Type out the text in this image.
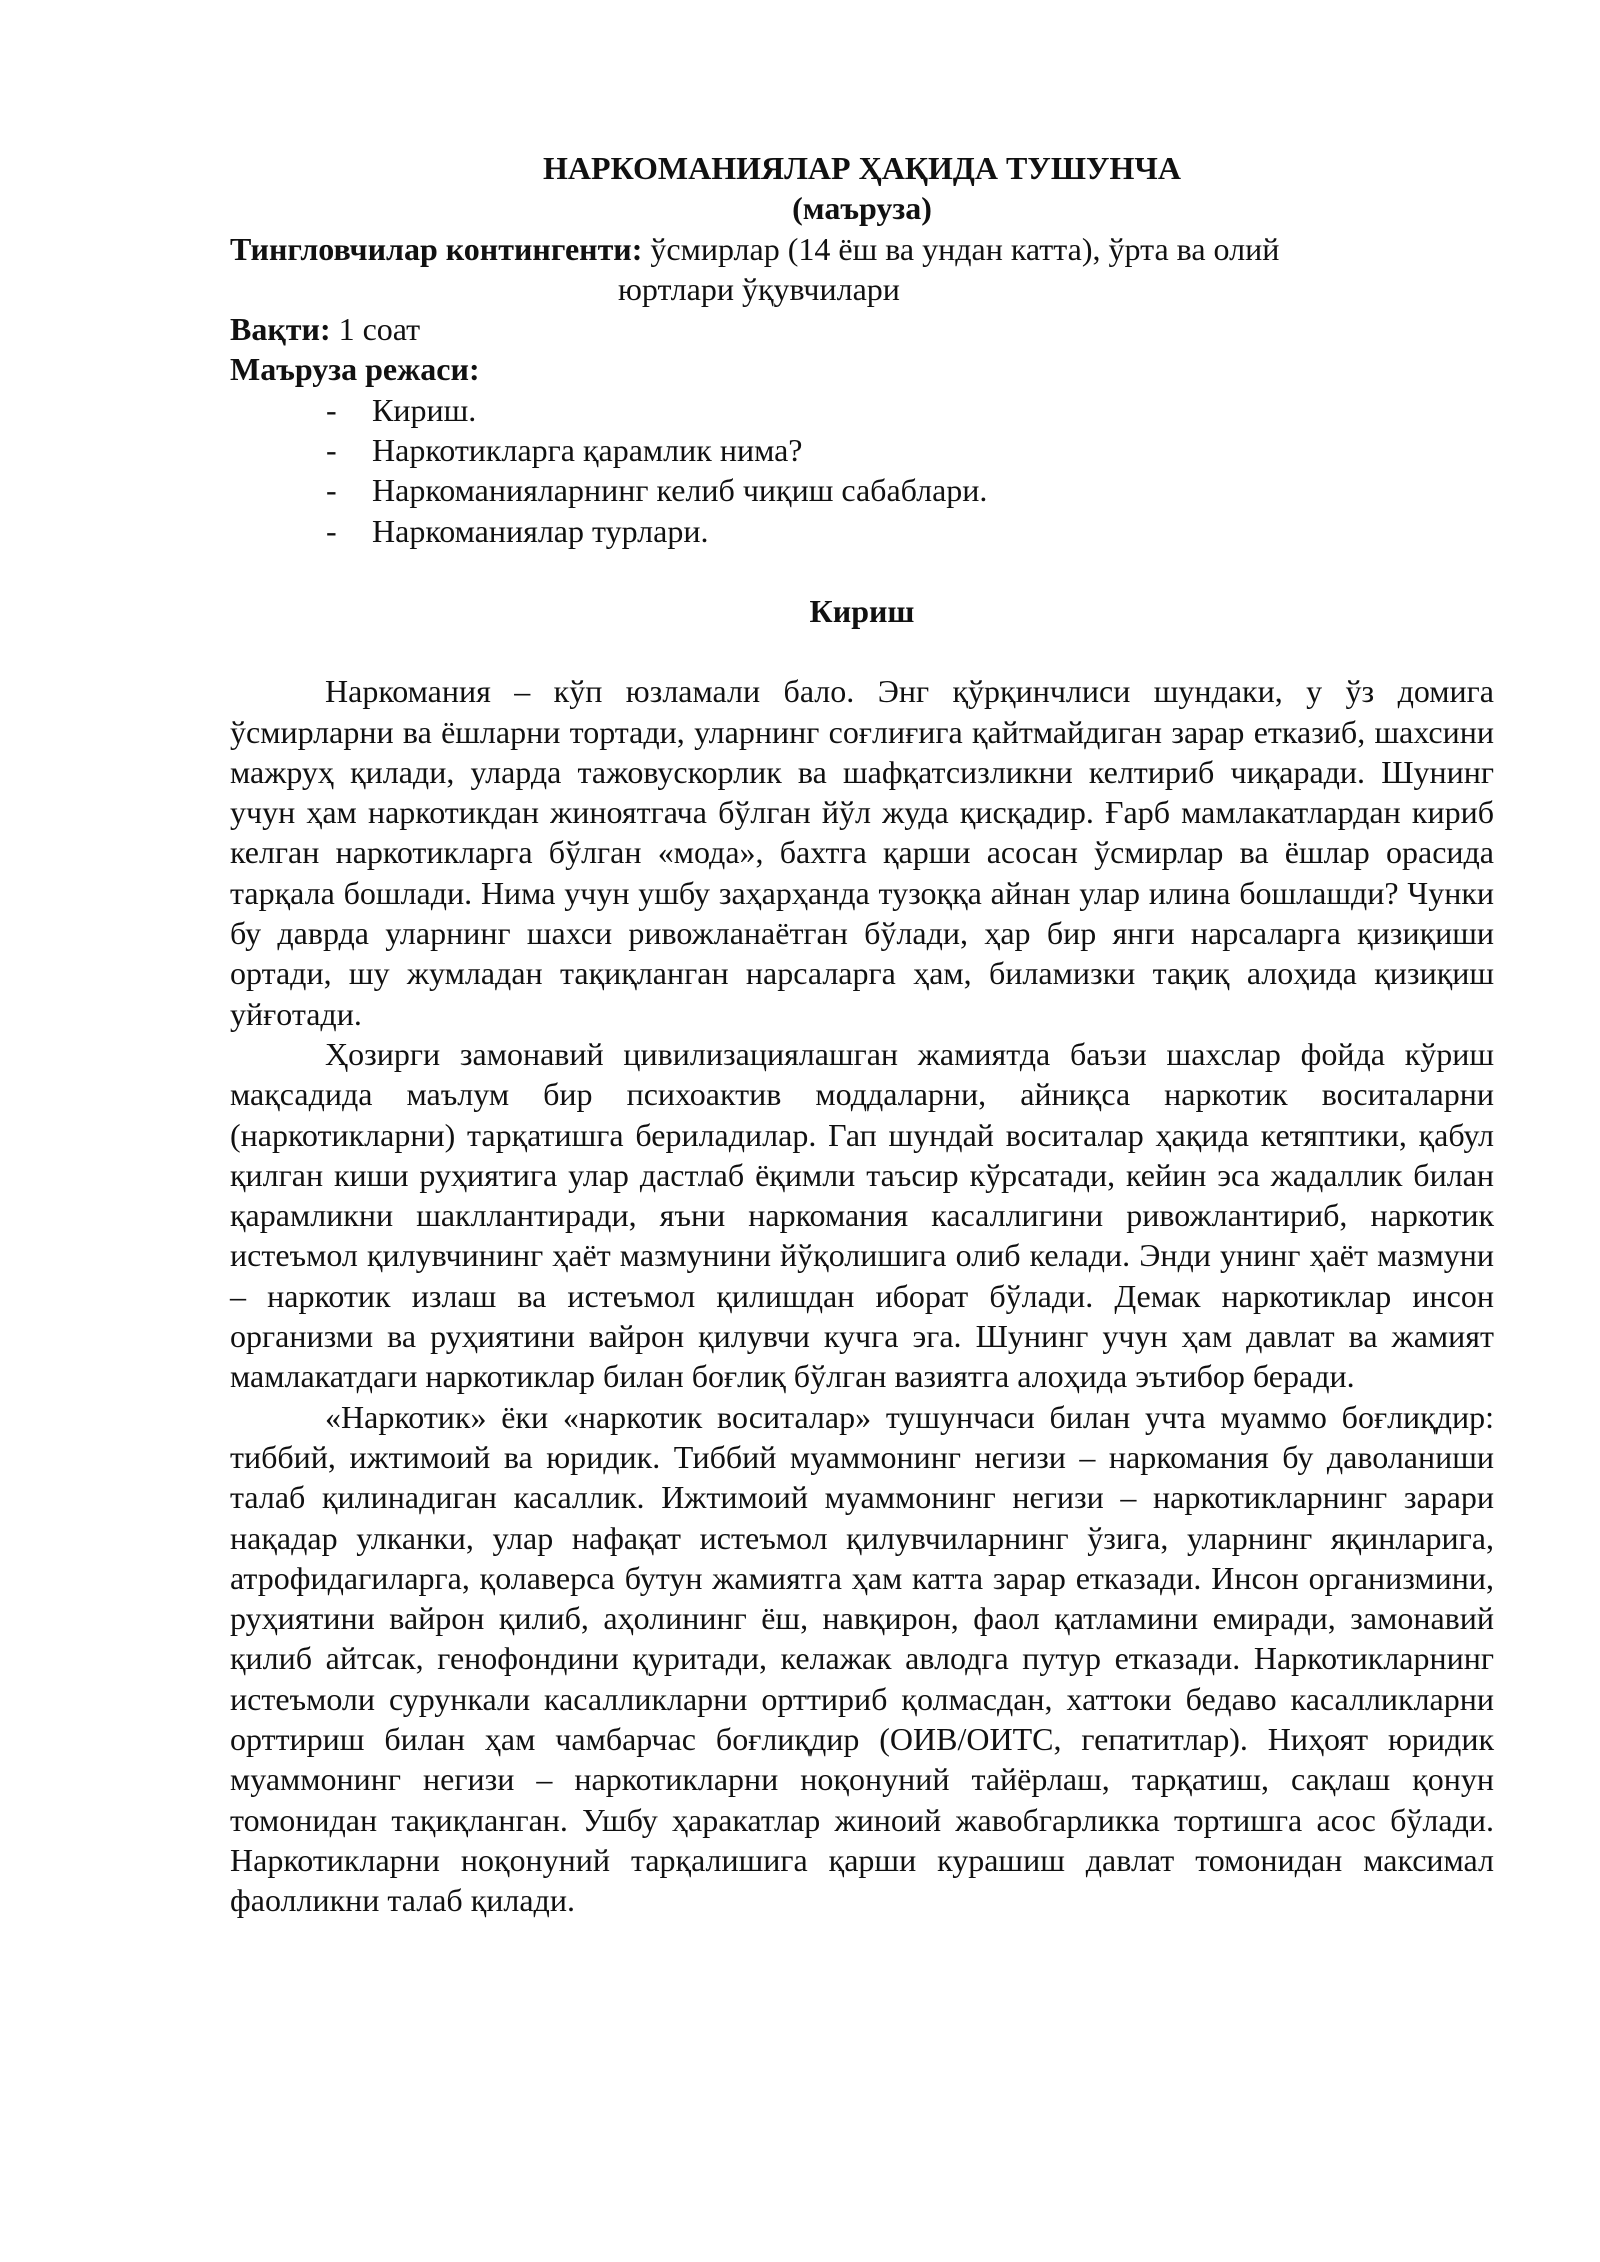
НАРКОМАНИЯЛАР ҲАҚИДА ТУШУНЧА
(маъруза)
Тингловчилар контингенти: ўсмирлар (14 ёш ва ундан катта), ўрта ва олий
юртлари ўқувчилари
Вақти: 1 соат
Маъруза режаси:
- Кириш.
- Наркотикларга қарамлик нима?
- Наркоманияларнинг келиб чиқиш сабаблари.
- Наркоманиялар турлари.
Кириш

Наркомания – кўп юзламали бало. Энг қўрқинчлиси шундаки, у ўз домига ўсмирларни ва ёшларни тортади, уларнинг соғлиғига қайтмайдиган зарар етказиб, шахсини мажруҳ қилади, уларда тажовускорлик ва шафқатсизликни келтириб чиқаради. Шунинг учун ҳам наркотикдан жиноятгача бўлган йўл жуда қисқадир. Ғарб мамлакатлардан кириб келган наркотикларга бўлган «мода», бахтга қарши асосан ўсмирлар ва ёшлар орасида тарқала бошлади. Нима учун ушбу заҳарҳанда тузоққа айнан улар илина бошлашди? Чунки бу даврда уларнинг шахси ривожланаётган бўлади, ҳар бир янги нарсаларга қизиқиши ортади, шу жумладан тақиқланган нарсаларга ҳам, биламизки тақиқ алоҳида қизиқиш уйғотади.

Ҳозирги замонавий цивилизациялашган жамиятда баъзи шахслар фойда кўриш мақсадида маълум бир психоактив моддаларни, айниқса наркотик воситаларни (наркотикларни) тарқатишга бериладилар. Гап шундай воситалар ҳақида кетяптики, қабул қилган киши руҳиятига улар дастлаб ёқимли таъсир кўрсатади, кейин эса жадаллик билан қарамликни шакллантиради, яъни наркомания касаллигини ривожлантириб, наркотик истеъмол қилувчининг ҳаёт мазмунини йўқолишига олиб келади. Энди унинг ҳаёт мазмуни – наркотик излаш ва истеъмол қилишдан иборат бўлади. Демак наркотиклар инсон организми ва руҳиятини вайрон қилувчи кучга эга. Шунинг учун ҳам давлат ва жамият мамлакатдаги наркотиклар билан боғлиқ бўлган вазиятга алоҳида эътибор беради.

«Наркотик» ёки «наркотик воситалар» тушунчаси билан учта муаммо боғлиқдир: тиббий, ижтимоий ва юридик. Тиббий муаммонинг негизи – наркомания бу даволаниши талаб қилинадиган касаллик. Ижтимоий муаммонинг негизи – наркотикларнинг зарари нақадар улканки, улар нафақат истеъмол қилувчиларнинг ўзига, уларнинг яқинларига, атрофидагиларга, қолаверса бутун жамиятга ҳам катта зарар етказади. Инсон организмини, руҳиятини вайрон қилиб, аҳолининг ёш, навқирон, фаол қатламини емиради, замонавий қилиб айтсак, генофондини қуритади, келажак авлодга путур етказади. Наркотикларнинг истеъмоли сурункали касалликларни орттириб қолмасдан, хаттоки бедаво касалликларни орттириш билан ҳам чамбарчас боғлиқдир (ОИВ/ОИТС, гепатитлар). Ниҳоят юридик муаммонинг негизи – наркотикларни ноқонуний тайёрлаш, тарқатиш, сақлаш қонун томонидан тақиқланган. Ушбу ҳаракатлар жиноий жавобгарликка тортишга асос бўлади. Наркотикларни ноқонуний тарқалишига қарши курашиш давлат томонидан максимал фаолликни талаб қилади.
